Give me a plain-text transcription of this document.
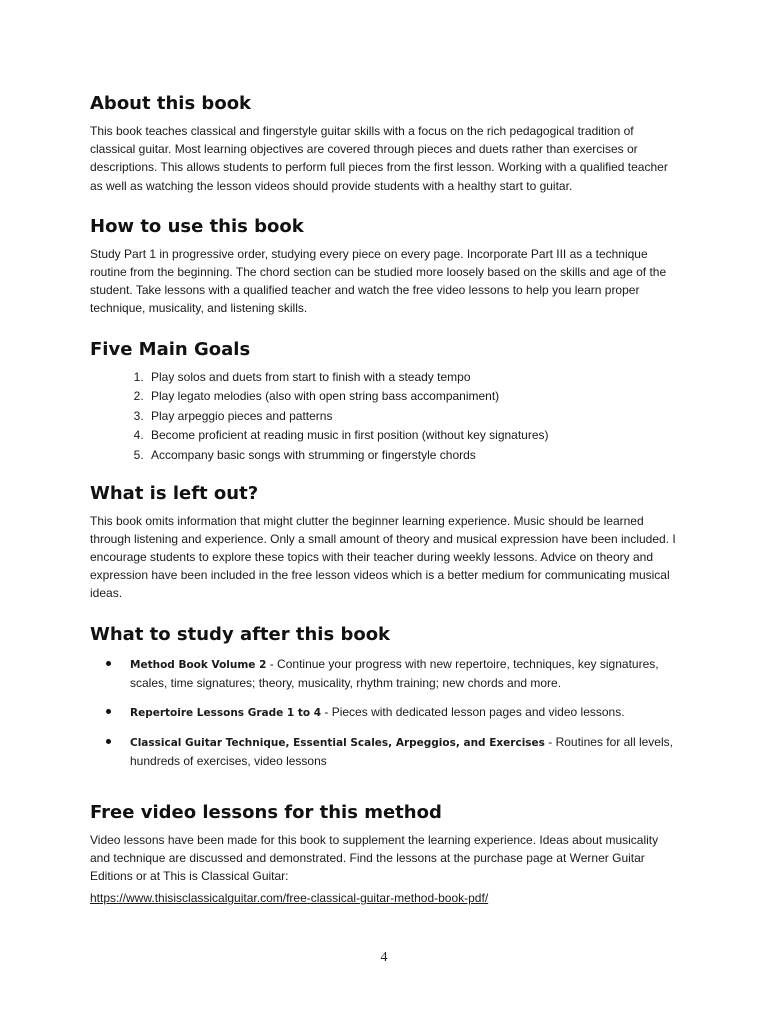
About this book

This book teaches classical and fingerstyle guitar skills with a focus on the rich pedagogical tradition of classical guitar. Most learning objectives are covered through pieces and duets rather than exercises or descriptions. This allows students to perform full pieces from the first lesson. Working with a qualified teacher as well as watching the lesson videos should provide students with a healthy start to guitar.

How to use this book

Study Part 1 in progressive order, studying every piece on every page. Incorporate Part III as a technique routine from the beginning. The chord section can be studied more loosely based on the skills and age of the student. Take lessons with a qualified teacher and watch the free video lessons to help you learn proper technique, musicality, and listening skills.

Five Main Goals
1. Play solos and duets from start to finish with a steady tempo
2. Play legato melodies (also with open string bass accompaniment)
3. Play arpeggio pieces and patterns
4. Become proficient at reading music in first position (without key signatures)
5. Accompany basic songs with strumming or fingerstyle chords
What is left out?

This book omits information that might clutter the beginner learning experience. Music should be learned through listening and experience. Only a small amount of theory and musical expression have been included. I encourage students to explore these topics with their teacher during weekly lessons. Advice on theory and expression have been included in the free lesson videos which is a better medium for communicating musical ideas.

What to study after this book
Method Book Volume 2 - Continue your progress with new repertoire, techniques, key signatures, scales, time signatures; theory, musicality, rhythm training; new chords and more.
Repertoire Lessons Grade 1 to 4 - Pieces with dedicated lesson pages and video lessons.
Classical Guitar Technique, Essential Scales, Arpeggios, and Exercises - Routines for all levels, hundreds of exercises, video lessons
Free video lessons for this method

Video lessons have been made for this book to supplement the learning experience. Ideas about musicality and technique are discussed and demonstrated. Find the lessons at the purchase page at Werner Guitar Editions or at This is Classical Guitar:

https://www.thisisclassicalguitar.com/free-classical-guitar-method-book-pdf/
4
